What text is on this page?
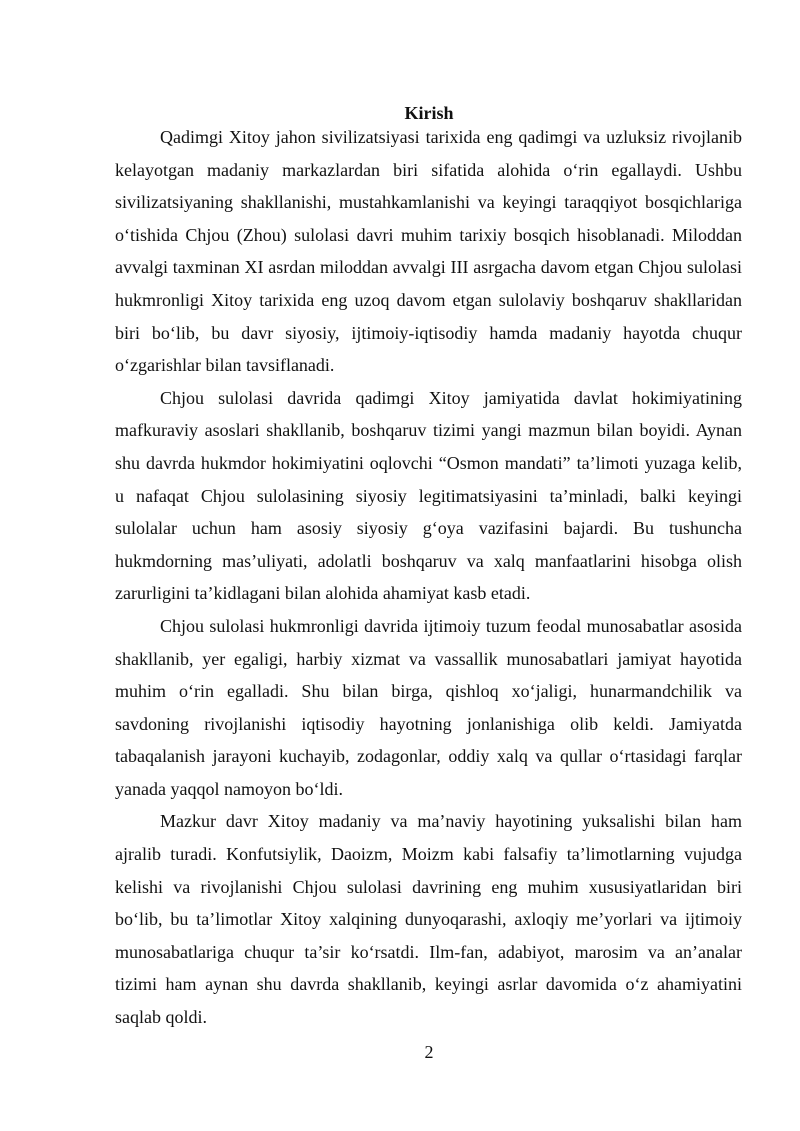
Kirish

Qadimgi Xitoy jahon sivilizatsiyasi tarixida eng qadimgi va uzluksiz rivojlanib kelayotgan madaniy markazlardan biri sifatida alohida o‘rin egallaydi. Ushbu sivilizatsiyaning shakllanishi, mustahkamlanishi va keyingi taraqqiyot bosqichlariga o‘tishida Chjou (Zhou) sulolasi davri muhim tarixiy bosqich hisoblanadi. Miloddan avvalgi taxminan XI asrdan miloddan avvalgi III asrgacha davom etgan Chjou sulolasi hukmronligi Xitoy tarixida eng uzoq davom etgan sulolaviy boshqaruv shakllaridan biri bo‘lib, bu davr siyosiy, ijtimoiy-iqtisodiy hamda madaniy hayotda chuqur o‘zgarishlar bilan tavsiflanadi.

Chjou sulolasi davrida qadimgi Xitoy jamiyatida davlat hokimiyatining mafkuraviy asoslari shakllanib, boshqaruv tizimi yangi mazmun bilan boyidi. Aynan shu davrda hukmdor hokimiyatini oqlovchi “Osmon mandati” ta’limoti yuzaga kelib, u nafaqat Chjou sulolasining siyosiy legitimatsiyasini ta’minladi, balki keyingi sulolalar uchun ham asosiy siyosiy g‘oya vazifasini bajardi. Bu tushuncha hukmdorning mas’uliyati, adolatli boshqaruv va xalq manfaatlarini hisobga olish zarurligini ta’kidlagani bilan alohida ahamiyat kasb etadi.

Chjou sulolasi hukmronligi davrida ijtimoiy tuzum feodal munosabatlar asosida shakllanib, yer egaligi, harbiy xizmat va vassallik munosabatlari jamiyat hayotida muhim o‘rin egalladi. Shu bilan birga, qishloq xo‘jaligi, hunarmandchilik va savdoning rivojlanishi iqtisodiy hayotning jonlanishiga olib keldi. Jamiyatda tabaqalanish jarayoni kuchayib, zodagonlar, oddiy xalq va qullar o‘rtasidagi farqlar yanada yaqqol namoyon bo‘ldi.

Mazkur davr Xitoy madaniy va ma’naviy hayotining yuksalishi bilan ham ajralib turadi. Konfutsiylik, Daoizm, Moizm kabi falsafiy ta’limotlarning vujudga kelishi va rivojlanishi Chjou sulolasi davrining eng muhim xususiyatlaridan biri bo‘lib, bu ta’limotlar Xitoy xalqining dunyoqarashi, axloqiy me’yorlari va ijtimoiy munosabatlariga chuqur ta’sir ko‘rsatdi. Ilm-fan, adabiyot, marosim va an’analar tizimi ham aynan shu davrda shakllanib, keyingi asrlar davomida o‘z ahamiyatini saqlab qoldi.

2
